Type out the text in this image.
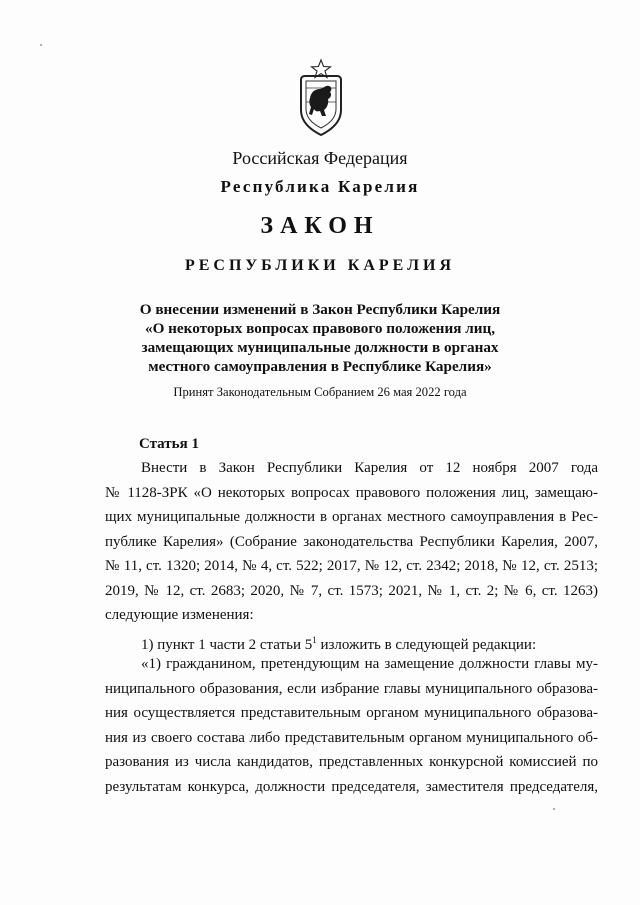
Российская Федерация
Республика Карелия
ЗАКОН
РЕСПУБЛИКИ КАРЕЛИЯ
О внесении изменений в Закон Республики Карелия
«О некоторых вопросах правового положения лиц,
замещающих муниципальные должности в органах
местного самоуправления в Республике Карелия»
Принят Законодательным Собранием 26 мая 2022 года
Статья 1
Внести в Закон Республики Карелия от 12 ноября 2007 года
№ 1128-ЗРК «О некоторых вопросах правового положения лиц, замещаю-
щих муниципальные должности в органах местного самоуправления в Рес-
публике Карелия» (Собрание законодательства Республики Карелия, 2007,
№ 11, ст. 1320; 2014, № 4, ст. 522; 2017, № 12, ст. 2342; 2018, № 12, ст. 2513;
2019, № 12, ст. 2683; 2020, № 7, ст. 1573; 2021, № 1, ст. 2; № 6, ст. 1263)
следующие изменения:
1) пункт 1 части 2 статьи $5^1$ изложить в следующей редакции:
«1) гражданином, претендующим на замещение должности главы му-
ниципального образования, если избрание главы муниципального образова-
ния осуществляется представительным органом муниципального образова-
ния из своего состава либо представительным органом муниципального об-
разования из числа кандидатов, представленных конкурсной комиссией по
результатам конкурса, должности председателя, заместителя председателя,
